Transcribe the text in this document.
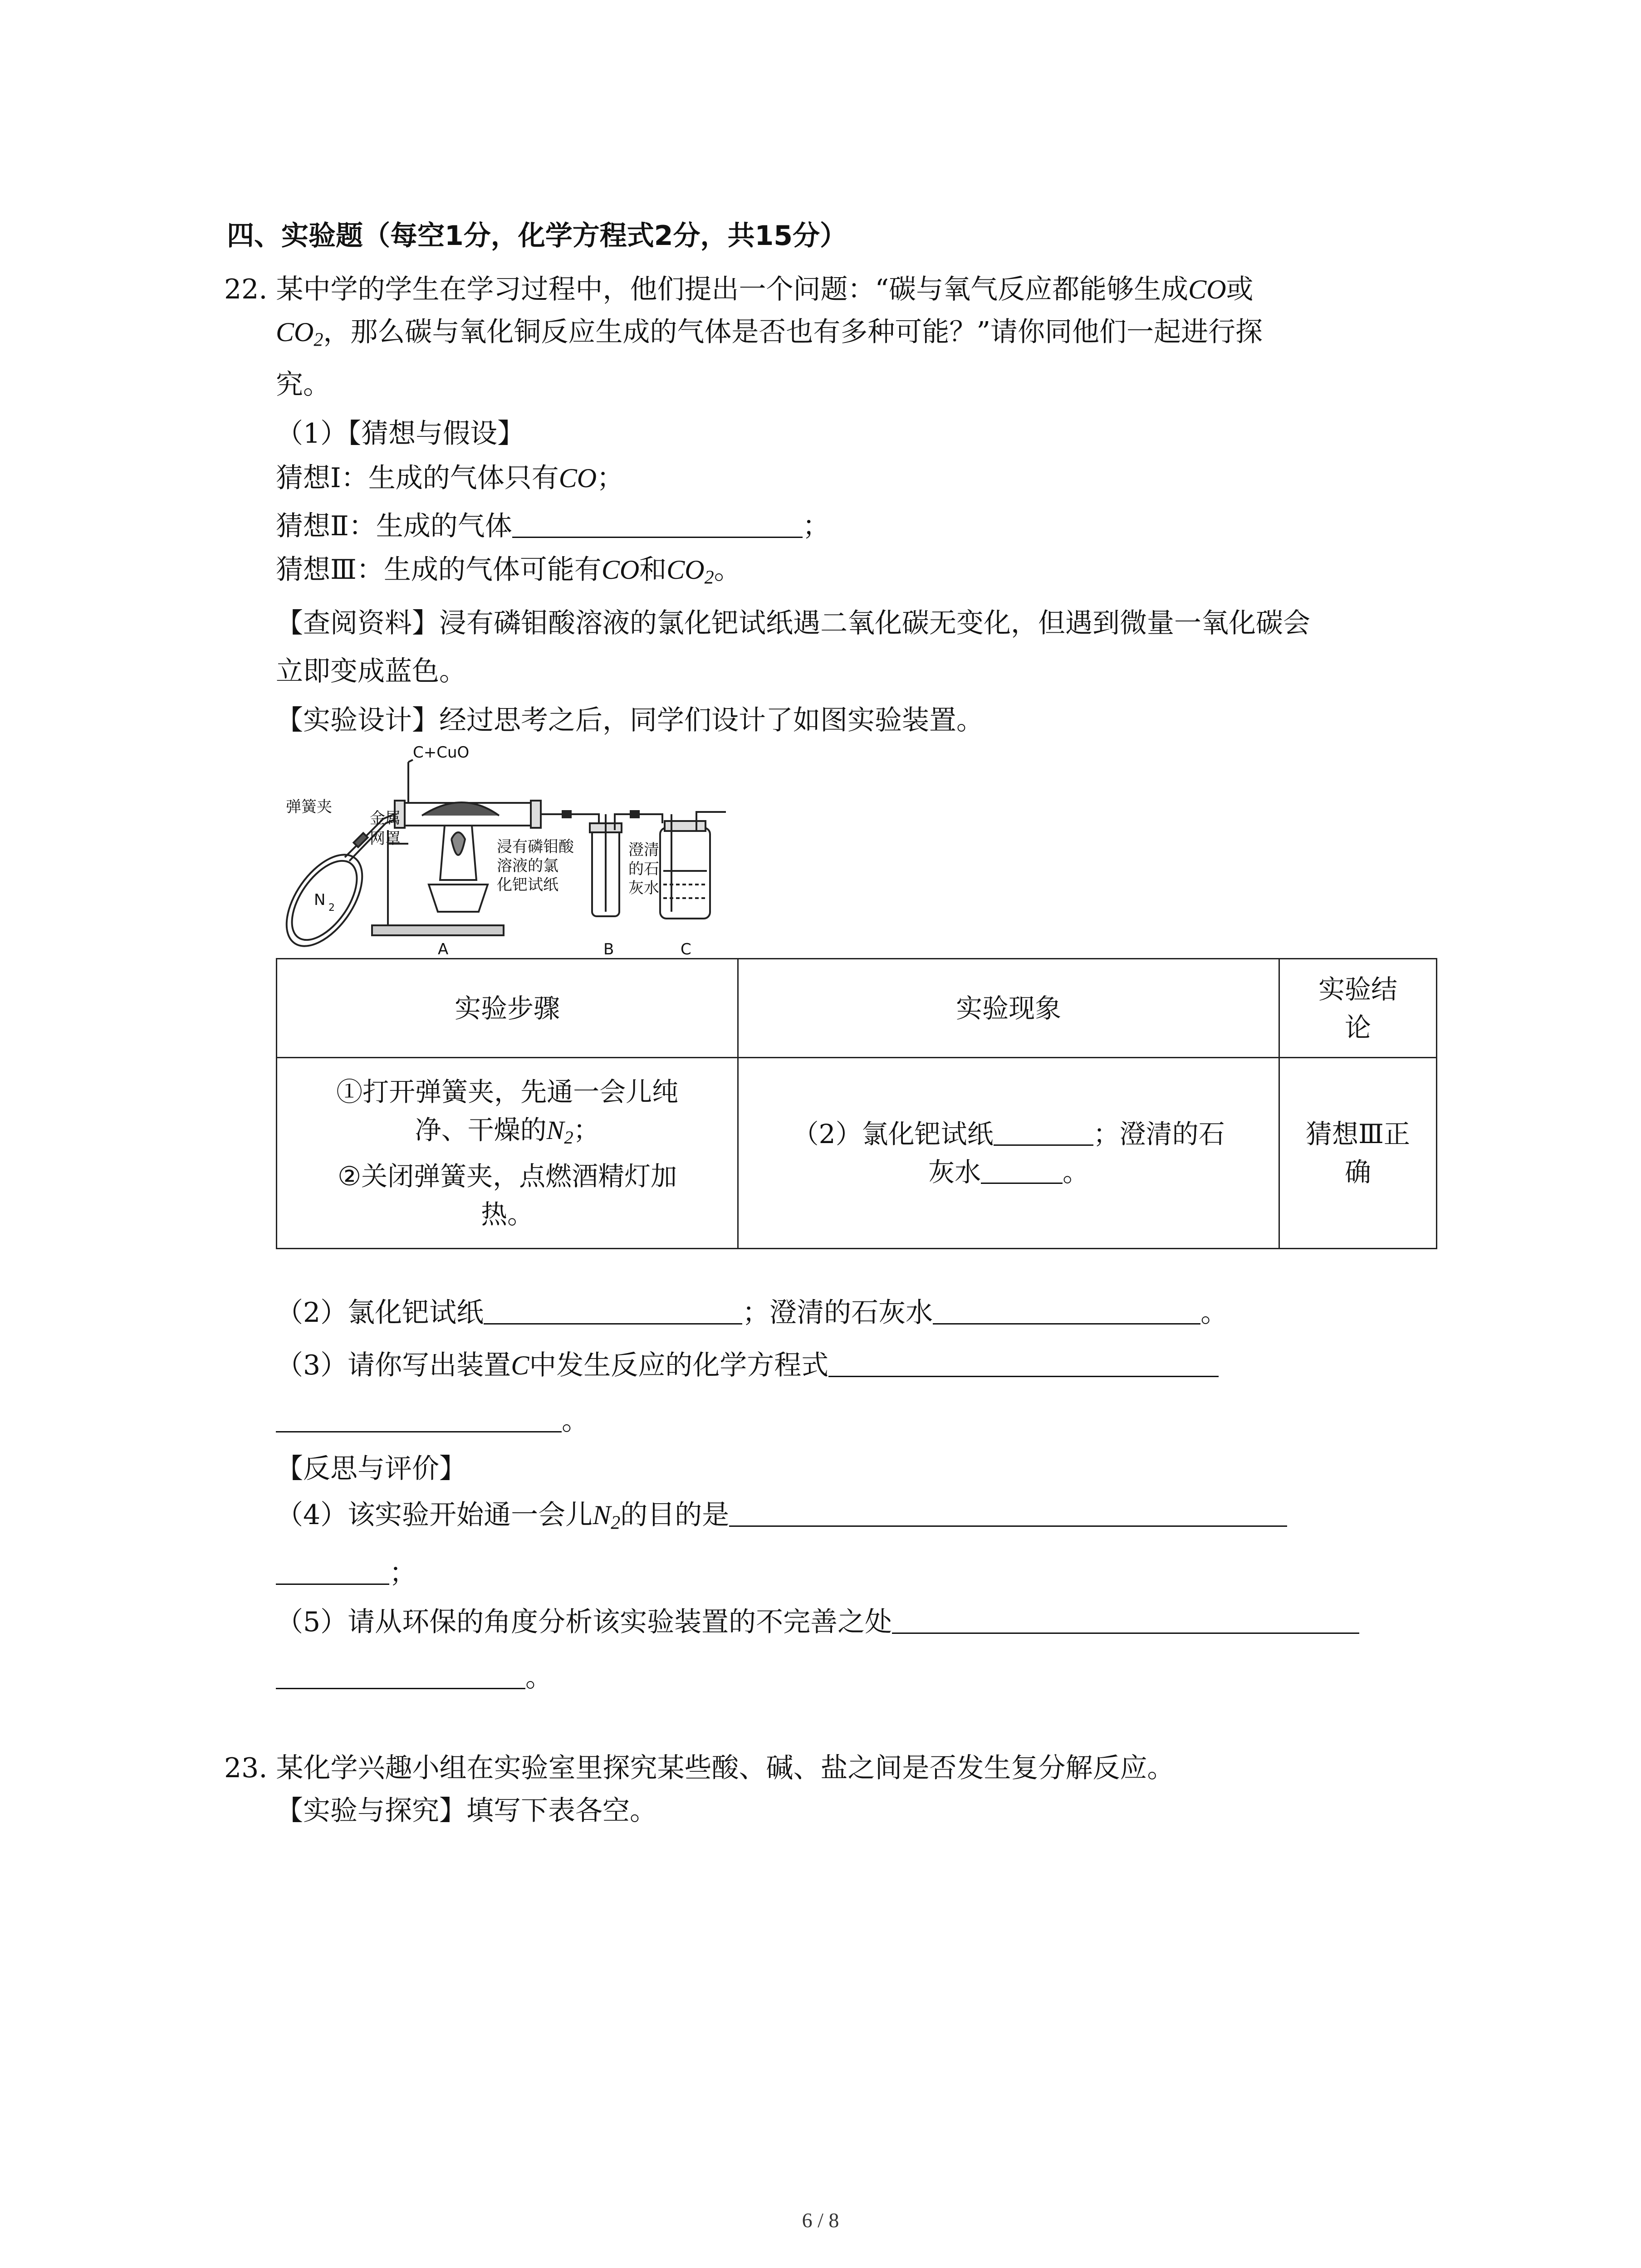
四、实验题（每空1分，化学方程式2分，共15分）
22. 某中学的学生在学习过程中，他们提出一个问题：“碳与氧气反应都能够生成CO或
$CO_2$，那么碳与氧化铜反应生成的气体是否也有多种可能？”请你同他们一起进行探
究。
（1）【猜想与假设】
猜想Ⅰ：生成的气体只有CO；
猜想Ⅱ：生成的气体	；
猜想Ⅲ：生成的气体可能有CO和$CO_2$。
【查阅资料】浸有磷钼酸溶液的氯化钯试纸遇二氧化碳无变化，但遇到微量一氧化碳会
立即变成蓝色。
【实验设计】经过思考之后，同学们设计了如图实验装置。
C+CuO
弹簧夹
金属
网罩	浸有磷钼酸
溶液的氯
化钯试纸
澄清
的石
灰水
N 2
A	B	C
实验步骤	实验现象	实验结
论
①打开弹簧夹，先通一会儿纯
净、干燥的$N_2$；
②关闭弹簧夹，点燃酒精灯加
热。	（2）氯化钯试纸 ；澄清的石
灰水 。	猜想Ⅲ正
确
（2）氯化钯试纸	；澄清的石灰水	。
（3）请你写出装置C中发生反应的化学方程式
。
【反思与评价】
（4）该实验开始通一会儿$N_2$的目的是
；
（5）请从环保的角度分析该实验装置的不完善之处
。
23. 某化学兴趣小组在实验室里探究某些酸、碱、盐之间是否发生复分解反应。
【实验与探究】填写下表各空。
6 / 8
